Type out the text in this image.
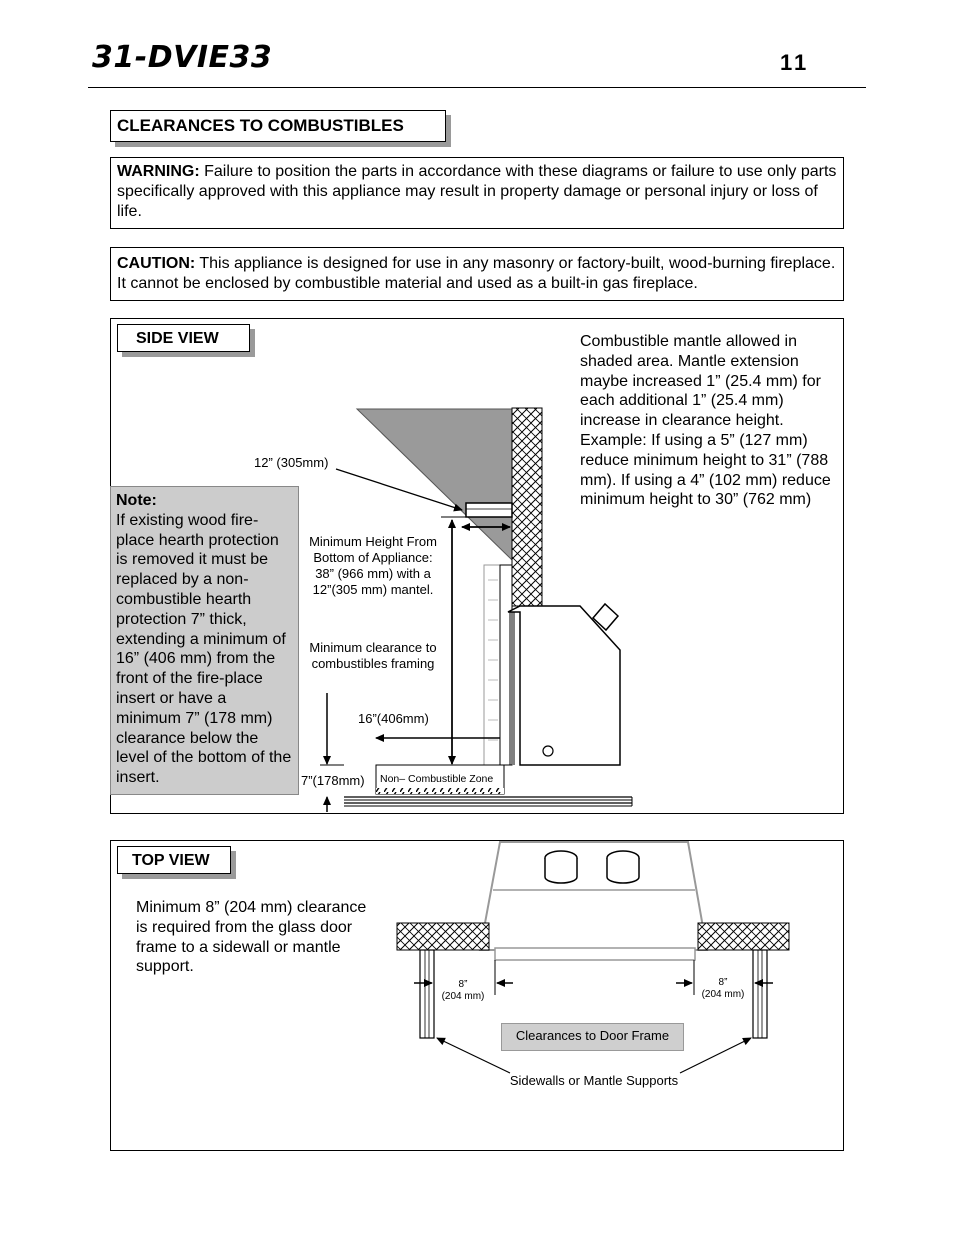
31-DVIE33	11
CLEARANCES TO COMBUSTIBLES
WARNING: Failure to position the parts in accordance with these diagrams or failure to use only parts specifically approved with this appliance may result in property damage or personal injury or loss of life.
CAUTION: This appliance is designed for use in any masonry or factory-built, wood-burning fireplace. It cannot be enclosed by combustible material and used as a built-in gas fireplace.
SIDE VIEW
Note:
If existing wood fire-place hearth protection is removed it must be replaced by a non-combustible hearth protection 7” thick, extending a minimum of 16” (406 mm) from the front of the fire-place insert or have a minimum 7” (178 mm) clearance below the level of the bottom of the insert.
Combustible mantle allowed in shaded area. Mantle extension maybe increased 1” (25.4 mm) for each additional 1” (25.4 mm) increase in clearance height. Example: If using a 5” (127 mm) reduce minimum height to 31” (788 mm). If using a 4” (102 mm) reduce minimum height to 30” (762 mm)
12” (305mm)
Minimum Height From Bottom of Appliance: 38” (966 mm) with a 12”(305 mm) mantel.
Minimum clearance to combustibles framing
16”(406mm)
7”(178mm) Non– Combustible Zone
TOP VIEW
Minimum 8” (204 mm) clearance is required from the glass door frame to a sidewall or mantle support.
8”
(204 mm)
8”
(204 mm)
Clearances to Door Frame
Sidewalls or Mantle Supports
